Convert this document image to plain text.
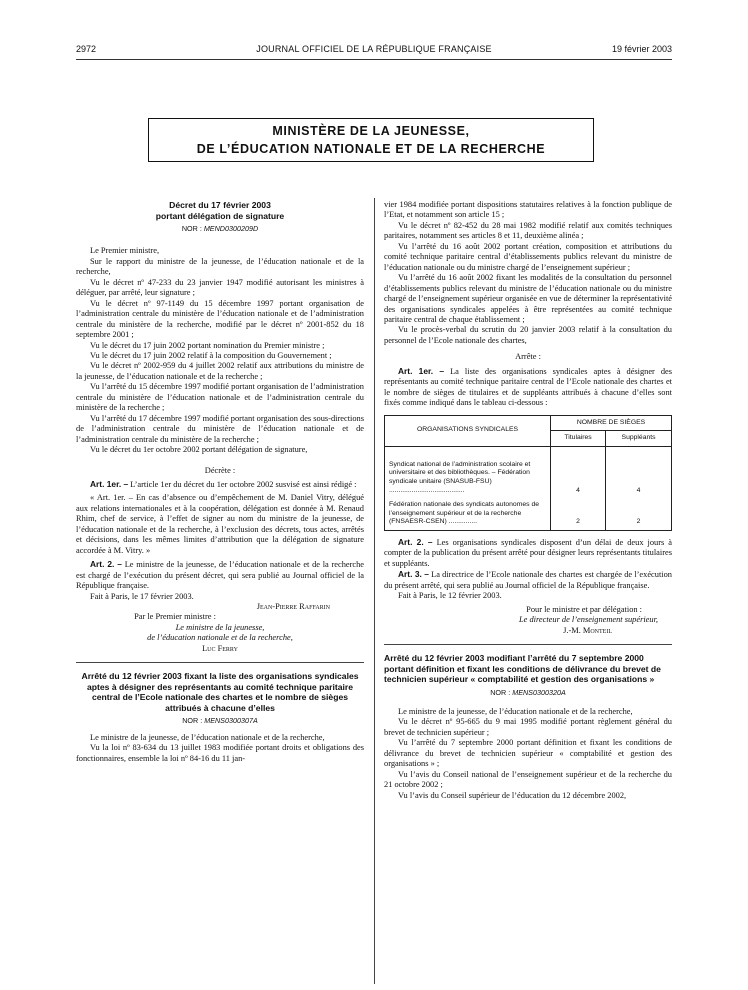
2972	JOURNAL OFFICIEL DE LA RÉPUBLIQUE FRANÇAISE	19 février 2003
MINISTÈRE DE LA JEUNESSE,
DE L’ÉDUCATION NATIONALE ET DE LA RECHERCHE
Décret du 17 février 2003
portant délégation de signature
NOR : MEND0300209D

Le Premier ministre,

Sur le rapport du ministre de la jeunesse, de l’éducation nationale et de la recherche,

Vu le décret nº 47-233 du 23 janvier 1947 modifié autorisant les ministres à déléguer, par arrêté, leur signature ;

Vu le décret nº 97-1149 du 15 décembre 1997 portant organisation de l’administration centrale du ministère de l’éducation nationale et de l’administration centrale du ministère de la recherche, modifié par le décret nº 2001-852 du 18 septembre 2001 ;

Vu le décret du 17 juin 2002 portant nomination du Premier ministre ;

Vu le décret du 17 juin 2002 relatif à la composition du Gouvernement ;

Vu le décret nº 2002-959 du 4 juillet 2002 relatif aux attributions du ministre de la jeunesse, de l’éducation nationale et de la recherche ;

Vu l’arrêté du 15 décembre 1997 modifié portant organisation de l’administration centrale du ministère de l’éducation nationale et de l’administration centrale du ministère de la recherche ;

Vu l’arrêté du 17 décembre 1997 modifié portant organisation des sous-directions de l’administration centrale du ministère de l’éducation nationale et de l’administration centrale du ministère de la recherche ;

Vu le décret du 1er octobre 2002 portant délégation de signature,

Décrète :

Art. 1er. – L’article 1er du décret du 1er octobre 2002 susvisé est ainsi rédigé :

« Art. 1er. – En cas d’absence ou d’empêchement de M. Daniel Vitry, délégué aux relations internationales et à la coopération, délégation est donnée à M. Renaud Rhim, chef de service, à l’effet de signer au nom du ministre de la jeunesse, de l’éducation nationale et de la recherche, à l’exclusion des décrets, tous actes, arrêtés et décisions, dans les mêmes limites d’attribution que la délégation de signature accordée à M. Vitry. »

Art. 2. – Le ministre de la jeunesse, de l’éducation nationale et de la recherche est chargé de l’exécution du présent décret, qui sera publié au Journal officiel de la République française.

Fait à Paris, le 17 février 2003.

Jean-Pierre Raffarin
Par le Premier ministre :
Le ministre de la jeunesse,
de l’éducation nationale et de la recherche,
Luc Ferry
Arrêté du 12 février 2003 fixant la liste des organisations syndicales aptes à désigner des représentants au comité technique paritaire central de l’Ecole nationale des chartes et le nombre de sièges attribués à chacune d’elles
NOR : MENS0300307A

Le ministre de la jeunesse, de l’éducation nationale et de la recherche,

Vu la loi nº 83-634 du 13 juillet 1983 modifiée portant droits et obligations des fonctionnaires, ensemble la loi nº 84-16 du 11 jan-

vier 1984 modifiée portant dispositions statutaires relatives à la fonction publique de l’Etat, et notamment son article 15 ;

Vu le décret nº 82-452 du 28 mai 1982 modifié relatif aux comités techniques paritaires, notamment ses articles 8 et 11, deuxième alinéa ;

Vu l’arrêté du 16 août 2002 portant création, composition et attributions du comité technique paritaire central d’établissements publics relevant du ministre de l’éducation nationale ou du ministre chargé de l’enseignement supérieur ;

Vu l’arrêté du 16 août 2002 fixant les modalités de la consultation du personnel d’établissements publics relevant du ministre de l’éducation nationale ou du ministre chargé de l’enseignement supérieur organisée en vue de déterminer la représentativité des organisations syndicales appelées à être représentées au comité technique paritaire central de chaque établissement ;

Vu le procès-verbal du scrutin du 20 janvier 2003 relatif à la consultation du personnel de l’Ecole nationale des chartes,

Arrête :

Art. 1er. – La liste des organisations syndicales aptes à désigner des représentants au comité technique paritaire central de l’Ecole nationale des chartes et le nombre de sièges de titulaires et de suppléants attribués à chacune d’elles sont fixés comme indiqué dans le tableau ci-dessous :

ORGANISATIONS SYNDICALES	NOMBRE DE SIÈGES	
	Titulaires	Suppléants
Syndicat national de l’administration scolaire et universitaire et des bibliothèques. – Fédération syndicale unitaire (SNASUB-FSU) ........................................	4	4
Fédération nationale des syndicats autonomes de l’enseignement supérieur et de la recherche (FNSAESR-CSEN) ...............	2	2

Art. 2. – Les organisations syndicales disposent d’un délai de deux jours à compter de la publication du présent arrêté pour désigner leurs représentants titulaires et suppléants.

Art. 3. – La directrice de l’Ecole nationale des chartes est chargée de l’exécution du présent arrêté, qui sera publié au Journal officiel de la République française.

Fait à Paris, le 12 février 2003.

Pour le ministre et par délégation :
Le directeur de l’enseignement supérieur,
J.-M. Monteil
Arrêté du 12 février 2003 modifiant l’arrêté du 7 septembre 2000 portant définition et fixant les conditions de délivrance du brevet de technicien supérieur « comptabilité et gestion des organisations »
NOR : MENS0300320A

Le ministre de la jeunesse, de l’éducation nationale et de la recherche,

Vu le décret nº 95-665 du 9 mai 1995 modifié portant règlement général du brevet de technicien supérieur ;

Vu l’arrêté du 7 septembre 2000 portant définition et fixant les conditions de délivrance du brevet de technicien supérieur « comptabilité et gestion des organisations » ;

Vu l’avis du Conseil national de l’enseignement supérieur et de la recherche du 21 octobre 2002 ;

Vu l’avis du Conseil supérieur de l’éducation du 12 décembre 2002,
